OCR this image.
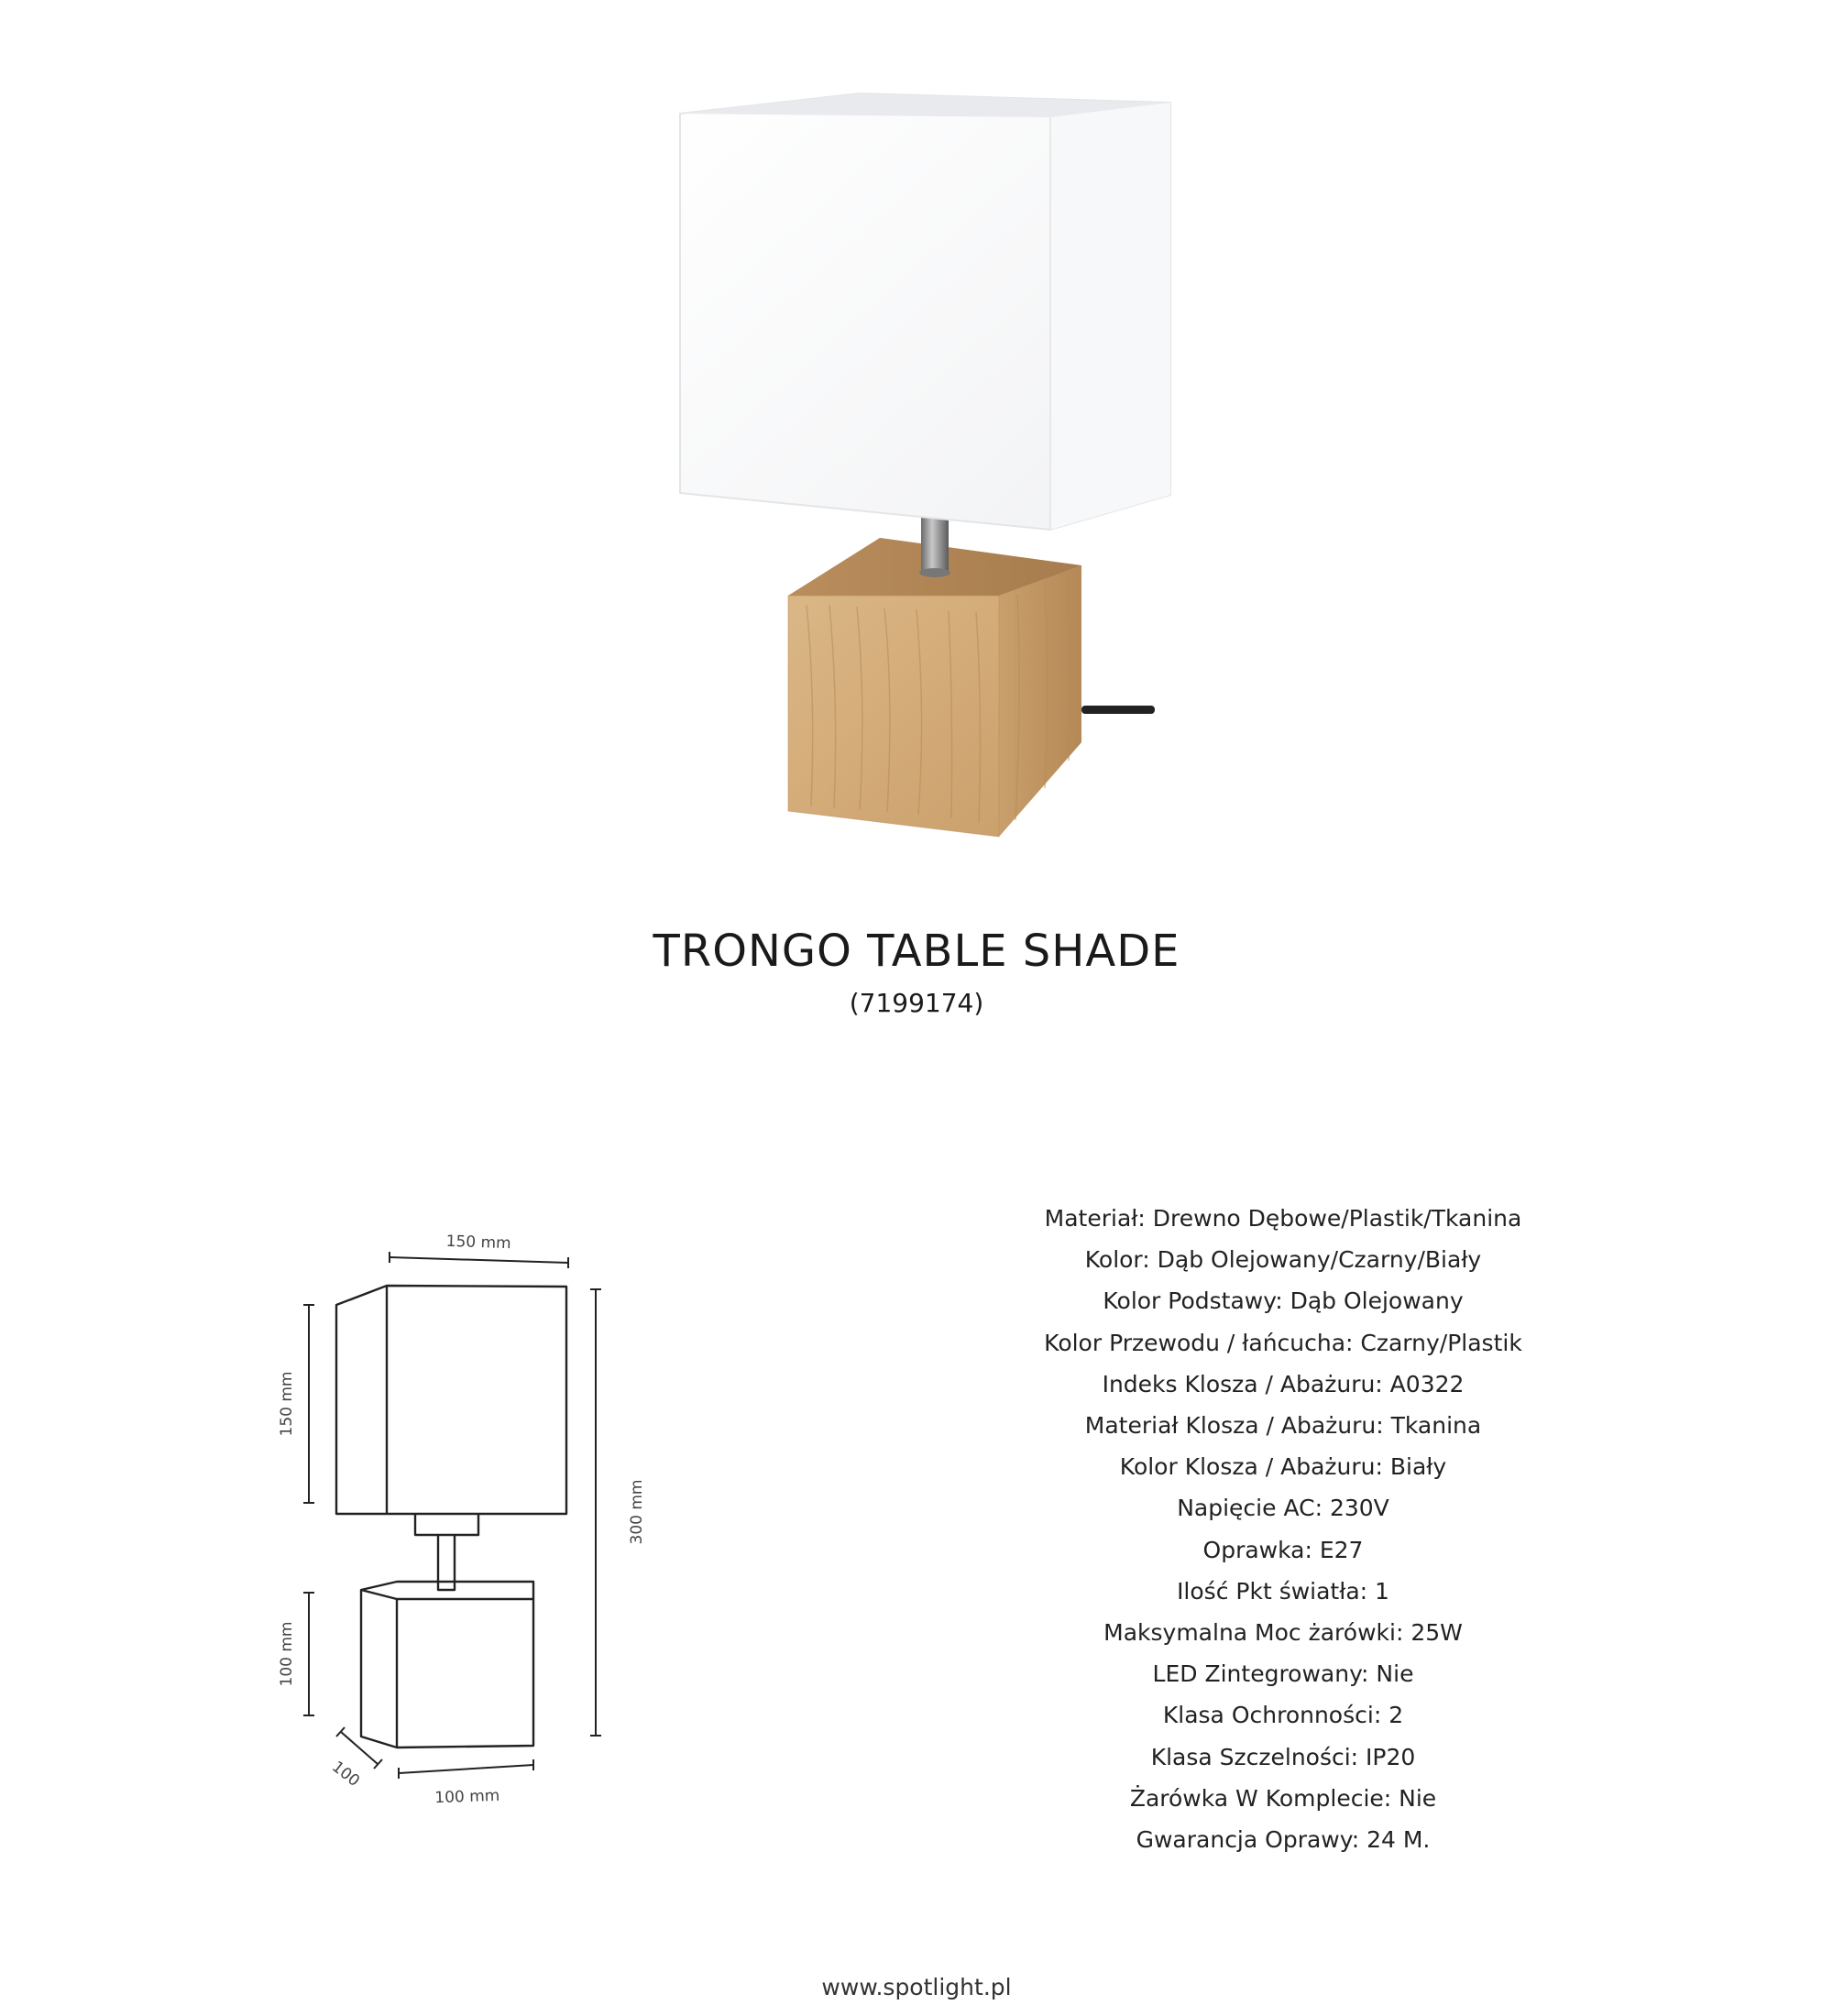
TRONGO TABLE SHADE
(7199174)
150 mm
150 mm
100 mm
300 mm
100 mm
100
Materiał: Drewno Dębowe/Plastik/Tkanina
Kolor: Dąb Olejowany/Czarny/Biały
Kolor Podstawy: Dąb Olejowany
Kolor Przewodu / łańcucha: Czarny/Plastik
Indeks Klosza / Abażuru: A0322
Materiał Klosza / Abażuru: Tkanina
Kolor Klosza / Abażuru: Biały
Napięcie AC: 230V
Oprawka: E27
Ilość Pkt światła: 1
Maksymalna Moc żarówki: 25W
LED Zintegrowany: Nie
Klasa Ochronności: 2
Klasa Szczelności: IP20
Żarówka W Komplecie: Nie
Gwarancja Oprawy: 24 M.
www.spotlight.pl
